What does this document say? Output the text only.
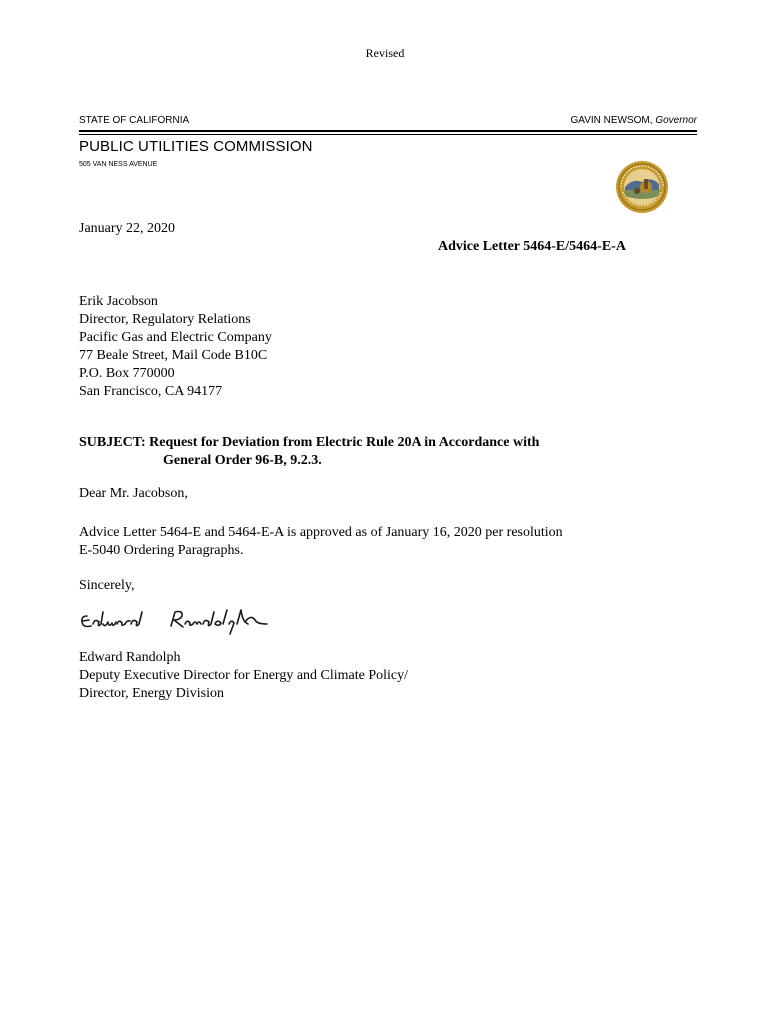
Revised
STATE OF CALIFORNIA	GAVIN NEWSOM, Governor
PUBLIC UTILITIES COMMISSION
505 VAN NESS AVENUE
January 22, 2020
Advice Letter 5464-E/5464-E-A
Erik Jacobson
Director, Regulatory Relations
Pacific Gas and Electric Company
77 Beale Street, Mail Code B10C
P.O. Box 770000
San Francisco, CA 94177
SUBJECT: Request for Deviation from Electric Rule 20A in Accordance with
General Order 96-B, 9.2.3.
Dear Mr. Jacobson,
Advice Letter 5464-E and 5464-E-A is approved as of January 16, 2020 per resolution
E-5040 Ordering Paragraphs.
Sincerely,
Edward Randolph
Deputy Executive Director for Energy and Climate Policy/
Director, Energy Division
